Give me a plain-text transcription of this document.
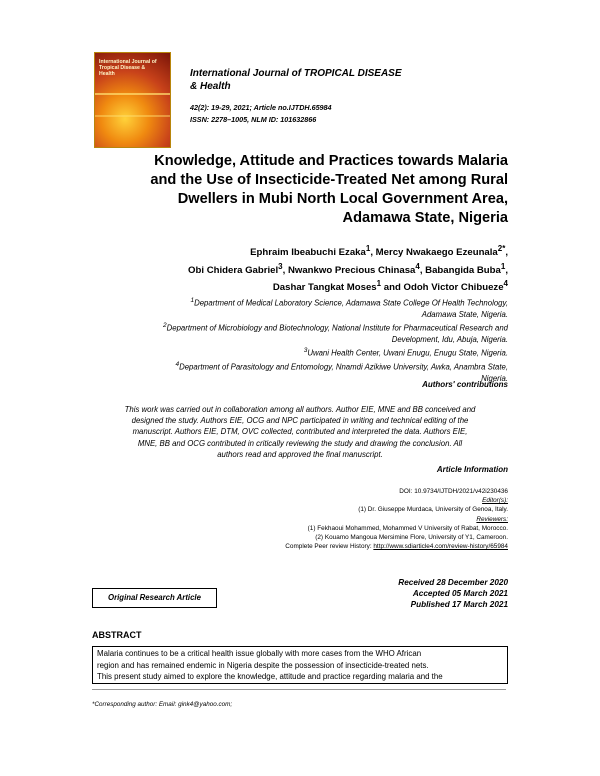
International Journal of
Tropical Disease &
Health	International Journal of TROPICAL DISEASE
& Health
42(2): 19-29, 2021; Article no.IJTDH.65984
ISSN: 2278–1005, NLM ID: 101632866
Knowledge, Attitude and Practices towards Malaria
and the Use of Insecticide-Treated Net among Rural
Dwellers in Mubi North Local Government Area,
Adamawa State, Nigeria
Ephraim Ibeabuchi Ezaka$^1$, Mercy Nwakaego Ezeunala$^{2*}$,
Obi Chidera Gabriel$^3$, Nwankwo Precious Chinasa$^4$, Babangida Buba$^1$,
Dashar Tangkat Moses$^1$ and Odoh Victor Chibueze$^4$
$^1$Department of Medical Laboratory Science, Adamawa State College Of Health Technology,
Adamawa State, Nigeria.
$^2$Department of Microbiology and Biotechnology, National Institute for Pharmaceutical Research and
Development, Idu, Abuja, Nigeria.
$^3$Uwani Health Center, Uwani Enugu, Enugu State, Nigeria.
$^4$Department of Parasitology and Entomology, Nnamdi Azikiwe University, Awka, Anambra State,
Nigeria.
Authors' contributions
This work was carried out in collaboration among all authors. Author EIE, MNE and BB conceived and
designed the study. Authors EIE, OCG and NPC participated in writing and technical editing of the
manuscript. Authors EIE, DTM, OVC collected, contributed and interpreted the data. Authors EIE,
MNE, BB and OCG contributed in critically reviewing the study and drawing the conclusion. All
authors read and approved the final manuscript.
Article Information
DOI: 10.9734/IJTDH/2021/v42i230436
Editor(s):
(1) Dr. Giuseppe Murdaca, University of Genoa, Italy.
Reviewers:
(1) Fekhaoui Mohammed, Mohammed V University of Rabat, Morocco.
(2) Kouamo Mangoua Mersimine Flore, University of Y1, Cameroon.
Complete Peer review History: http://www.sdiarticle4.com/review-history/65984
Received 28 December 2020
Accepted 05 March 2021
Published 17 March 2021
Original Research Article
ABSTRACT
Malaria continues to be a critical health issue globally with more cases from the WHO African
region and has remained endemic in Nigeria despite the possession of insecticide-treated nets.
This present study aimed to explore the knowledge, attitude and practice regarding malaria and the
*Corresponding author: Email: gink4@yahoo.com;
